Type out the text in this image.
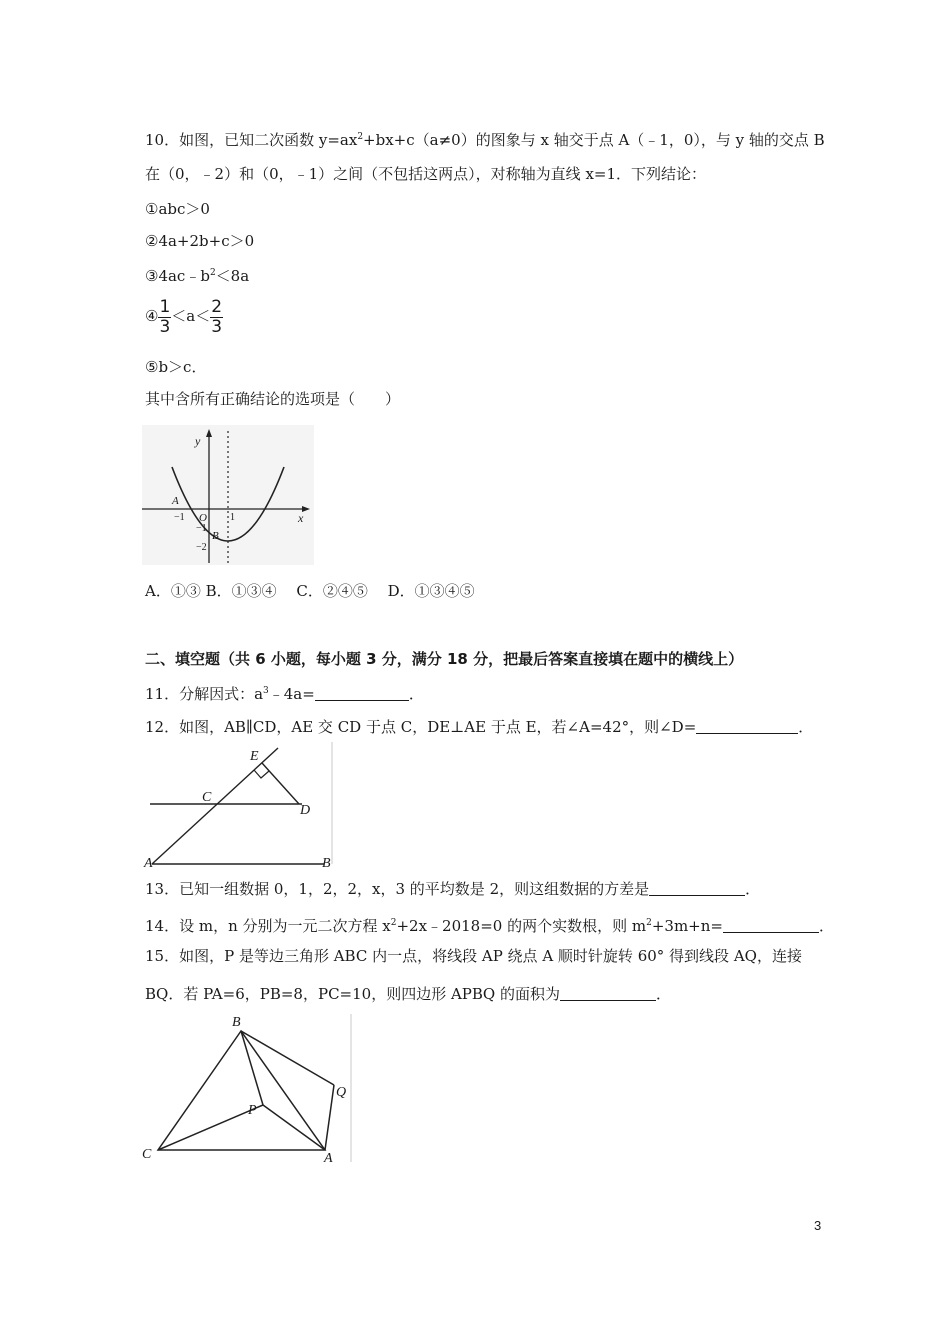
10．如图，已知二次函数 $y=ax^2+bx+c(a\ne 0)$的图象与 x 轴交于点 A（﹣1，0），与 y 轴的交点 B
在（0，﹣2）和（0，﹣1）之间（不包括这两点），对称轴为直线 x=1．下列结论：
①abc＞0
②4a+2b+c＞0
$③4ac﹣b^2<8a$
④ $\frac{1}{3} <a< \frac{2}{3}$
⑤b＞c．
其中含所有正确结论的选项是（　　）
y
x
A
O
B
−1	1
−1
−2
A．①③ B．①③④　 C．②④⑤　 D．①③④⑤
二、填空题（共 6 小题，每小题 3 分，满分 18 分，把最后答案直接填在题中的横线上）
11．分解因式：$a^3﹣4a=$	．
12．如图，AB∥CD，AE 交 CD 于点 C，DE⊥AE 于点 E，若∠A=42°，则∠D=	．
E
C
D
A	B
13．已知一组数据 0，1，2，2，x，3 的平均数是 2，则这组数据的方差是	．
14．设 m，n 分别为一元二次方程 $x^2+2x﹣2018=0$ 的两个实数根，则 $m^2+3m+n=$	．
15．如图，P 是等边三角形 ABC 内一点，将线段 AP 绕点 A 顺时针旋转 60° 得到线段 AQ，连接
BQ．若 PA=6，PB=8，PC=10，则四边形 APBQ 的面积为	．
B
P
Q
C	A
3
